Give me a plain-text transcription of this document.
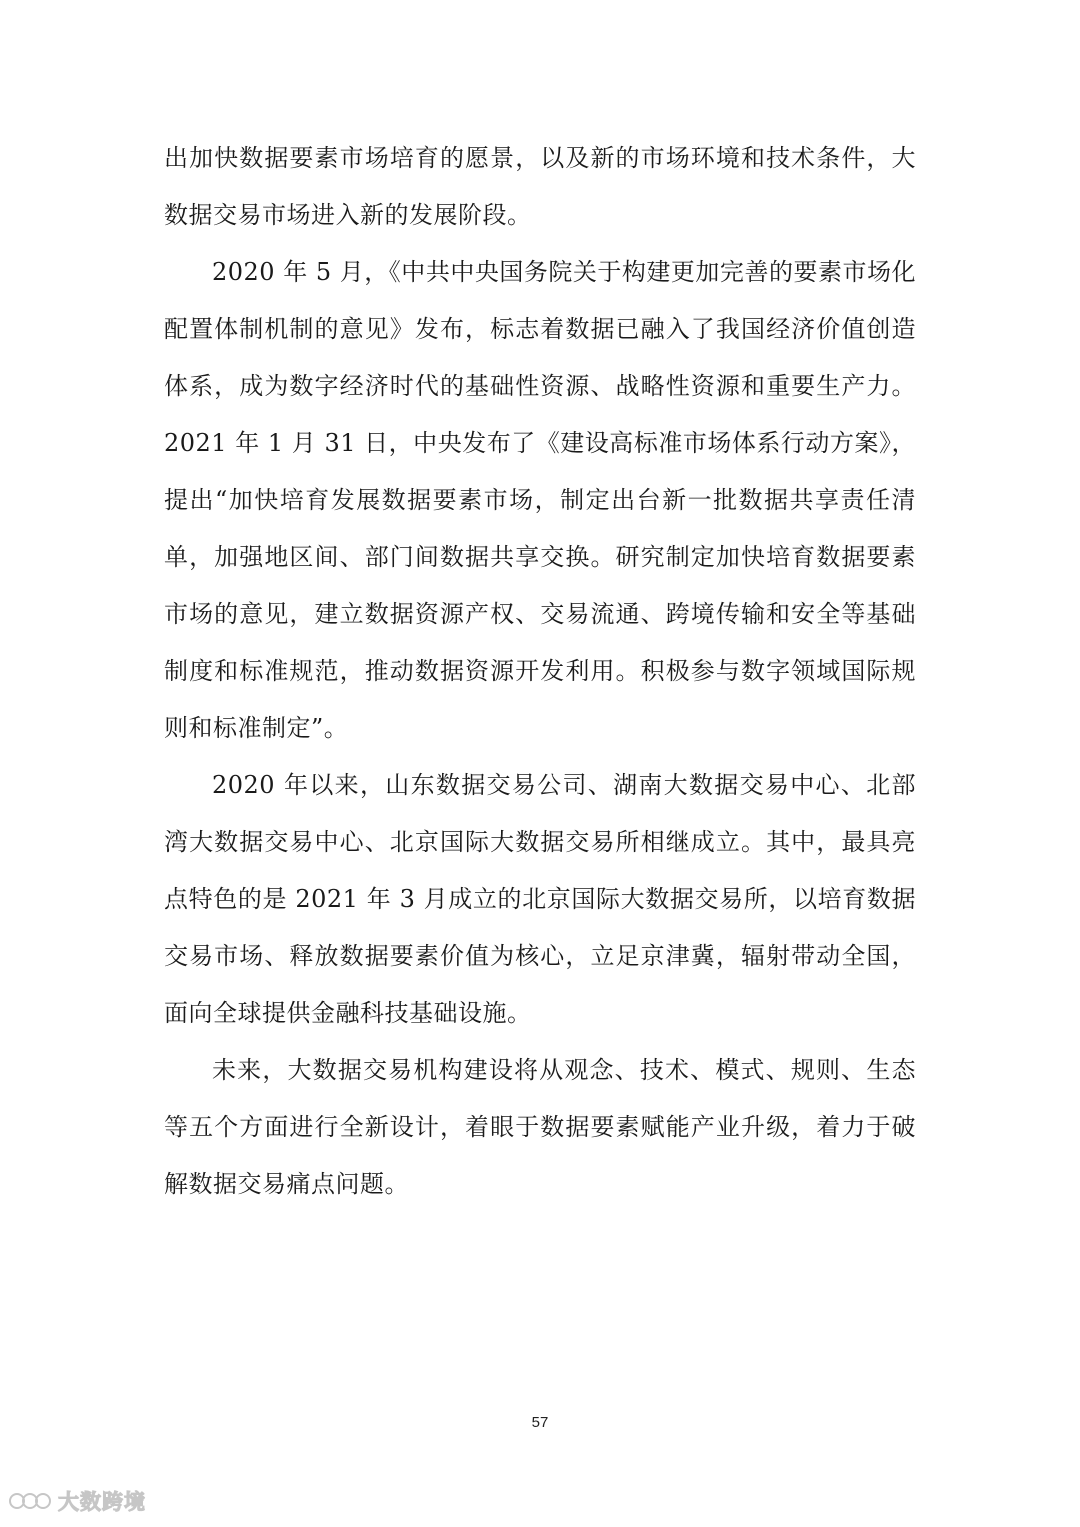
出加快数据要素市场培育的愿景，以及新的市场环境和技术条件，大数据交易市场进入新的发展阶段。

2020 年 5 月，《中共中央国务院关于构建更加完善的要素市场化配置体制机制的意见》发布，标志着数据已融入了我国经济价值创造体系，成为数字经济时代的基础性资源、战略性资源和重要生产力。2021 年 1 月 31 日，中央发布了《建设高标准市场体系行动方案》，提出“加快培育发展数据要素市场，制定出台新一批数据共享责任清单，加强地区间、部门间数据共享交换。研究制定加快培育数据要素市场的意见，建立数据资源产权、交易流通、跨境传输和安全等基础制度和标准规范，推动数据资源开发利用。积极参与数字领域国际规则和标准制定”。

2020 年以来，山东数据交易公司、湖南大数据交易中心、北部湾大数据交易中心、北京国际大数据交易所相继成立。其中，最具亮点特色的是 2021 年 3 月成立的北京国际大数据交易所，以培育数据交易市场、释放数据要素价值为核心，立足京津冀，辐射带动全国，面向全球提供金融科技基础设施。

未来，大数据交易机构建设将从观念、技术、模式、规则、生态等五个方面进行全新设计，着眼于数据要素赋能产业升级，着力于破解数据交易痛点问题。

57
大数跨境
